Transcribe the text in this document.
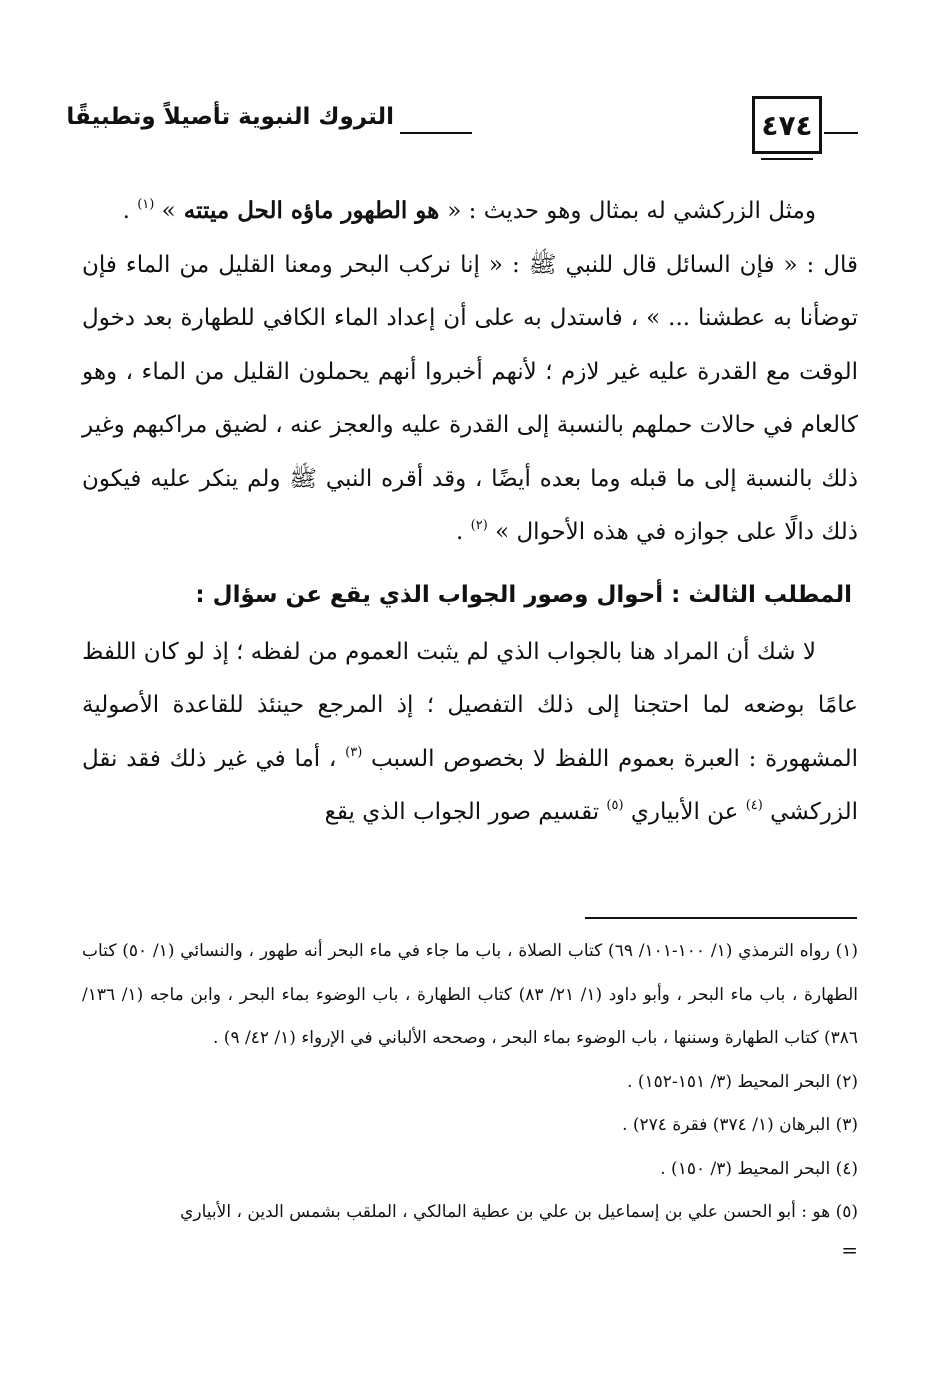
٤٧٤
التروك النبوية تأصيلاً وتطبيقًا

ومثل الزركشي له بمثال وهو حديث : « هو الطهور ماؤه الحل ميتته » $^{(١)}$ .

قال : « فإن السائل قال للنبي ﷺ : « إنا نركب البحر ومعنا القليل من الماء فإن توضأنا به عطشنا ... » ، فاستدل به على أن إعداد الماء الكافي للطهارة بعد دخول الوقت مع القدرة عليه غير لازم ؛ لأنهم أخبروا أنهم يحملون القليل من الماء ، وهو كالعام في حالات حملهم بالنسبة إلى القدرة عليه والعجز عنه ، لضيق مراكبهم وغير ذلك بالنسبة إلى ما قبله وما بعده أيضًا ، وقد أقره النبي ﷺ ولم ينكر عليه فيكون ذلك دالًا على جوازه في هذه الأحوال » $^{(٢)}$ .

المطلب الثالث : أحوال وصور الجواب الذي يقع عن سؤال :

لا شك أن المراد هنا بالجواب الذي لم يثبت العموم من لفظه ؛ إذ لو كان اللفظ عامًا بوضعه لما احتجنا إلى ذلك التفصيل ؛ إذ المرجع حينئذ للقاعدة الأصولية المشهورة : العبرة بعموم اللفظ لا بخصوص السبب $^{(٣)}$ ، أما في غير ذلك فقد نقل الزركشي $^{(٤)}$ عن الأبياري $^{(٥)}$ تقسيم صور الجواب الذي يقع

(١) رواه الترمذي (١/ ١٠٠-١٠١/ ٦٩) كتاب الصلاة ، باب ما جاء في ماء البحر أنه طهور ، والنسائي (١/ ٥٠) كتاب الطهارة ، باب ماء البحر ، وأبو داود (١/ ٢١/ ٨٣) كتاب الطهارة ، باب الوضوء بماء البحر ، وابن ماجه (١/ ١٣٦/ ٣٨٦) كتاب الطهارة وسننها ، باب الوضوء بماء البحر ، وصححه الألباني في الإرواء (١/ ٤٢/ ٩) .

(٢) البحر المحيط (٣/ ١٥١-١٥٢) .

(٣) البرهان (١/ ٣٧٤) فقرة ٢٧٤) .

(٤) البحر المحيط (٣/ ١٥٠) .

(٥) هو : أبو الحسن علي بن إسماعيل بن علي بن عطية المالكي ، الملقب بشمس الدين ، الأبياري

=
